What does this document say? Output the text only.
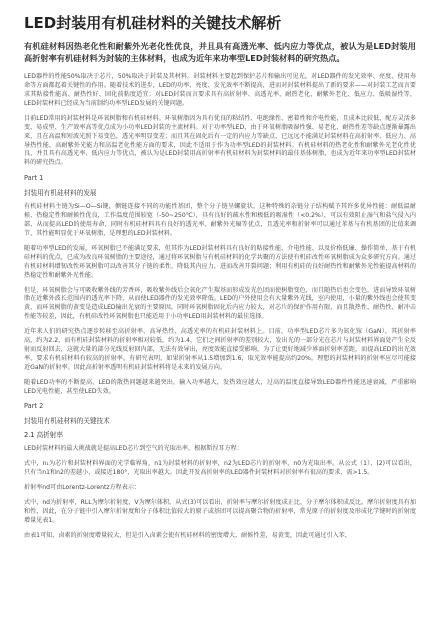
LED封装用有机硅材料的关键技术解析

有机硅材料因热老化性和耐紫外光老化性优良，并且具有高透光率、低内应力等优点，被认为是LED封装用高折射率有机硅材料为封装的主体材料，也成为近年来功率型LED封装材料的研究热点。

LED器件的性能50%取决于芯片，50%取决于封装及其材料。封装材料主要起到保护芯片和输出可见光，对LED器件的发光效率、亮度、使用寿命等方面都起着关键性的作用。随着技术的进步，LED的功率、亮度、发光效率不断提高，进而对封装材料提出了新的要求——对封装工艺而言要求其粘接性能高、耐热性好、固化前粘度适宜；对LED封装而言要求具有高折射率、高透光率、耐热老化、耐紫外老化、低应力、低吸湿性等，LED封装材料已经成为当前制约功率型LED发展的关键问题。

目前LED常用的封装材料是环氧树脂和有机硅材料。环氧树脂因为具有优良的粘结性、电绝缘性、密着性和介电性能，且成本比较低、配方灵活多变、易成型、生产效率高等优点成为小功率LED封装的主流材料。对于功率型LED，由于环氧树脂吸湿性强、易老化、耐热性差等缺点逐渐暴露出来，且在高温和短波光照下易变色，透光率明显变差；而且其在固化后有一定的内应力等缺点，已远远不能满足封装材料在高折射率、低应力、高导热性能、高耐紫外光能力和高温老化性能方面的要求，因此不适用于作为功率型LED的封装材料。有机硅材料的热老化性和耐紫外光老化性优良，并且具有高透光率、低内应力等优点，被认为是LED封装用高折射率有机硅材料为封装材料的最佳基体树脂，也成为近年来功率型LED封装材料的研究热点。

Part 1
封装用有机硅材料的发展

有机硅材料主链为Si—O—Si键，侧链连接不同的功能性基团，整个分子链呈螺旋状，这种特殊的杂链分子结构赋予其许多优异性能：耐低温耐候、热稳定性和耐候性优良，工作温度范围较宽（-50~250℃），具有良好的疏水性和极低的吸湿性（<0.2%），可以有效阻止湿气和盐气侵入内部，从而提高LED的使用寿命，同时有机硅材料具有良好的透光率、耐紫外光辐等优点，且透光率和折射率可以通过苯基与有机基团的比值来调节，其性能明显优于环氧树脂，是理想的LED封装材料。

随着功率型LED的发展，环氧树脂已不能满足要求，但其作为LED封装材料具有良好的粘接性能、介电性能、以及价格低廉、操作简单，基于有机硅材料的优点，已成为改良环氧树脂的主要途径，通过将环氧树脂与有机硅材料的化学共聚的方法使有机硅改性环氧树脂成为众多研究方向。通过有机硅材料增韧改性环氧树脂可以改善其分子链的柔性，降低其内应力，进而改善开裂问题；利用有机硅的良好耐热性和耐紫外光性能提高材料的热稳定性和耐紫外光性能。

但是，环氧树脂会与可吸收紫外线的芳香环，吸收紫外线后会氧化产生羰基而形成发光色团而使树脂变色，而且随热后也会变色，进而导致环氧树脂在近紫外波长范围内的透光率下降，从而使LED器件的发光效率降低。LED的户外使用会有大量紫外光线，室内使用，小量的紫外线也会使其变黄，而环氧树脂的黄变是造成LED输出光衰的主要原因，同时环氧树脂固化后内应力较大，对芯片的保护作用有限，而且散热性、耐热性、耐冲击性能等较差，因此，有机硅改性环氧树脂也只能适用于小功率LED用封装材料的最佳选择。

近年来人们的研究热点逐步转移至高折射率、高导热性、高透光率的有机硅封装材料上。目前，功率型LED芯片多为氮化镓（GaN），其折射率高，约为2.2，而有机硅封装材料的折射率相对较低，约为1.4，它们之间折射率的差别较大，发出光的一部分光在芯片与封装材料界面处产生全反射而反射回去，这就大量的部分光线反射回内部，无法有效导出，亮度效能直接受影响，为了让更好地减少界面折射率差距，而提高LED的出光效率，要求有机硅材料有较高的折射率。有研究表明，如果折射率从1.5增加到1.6，取光效率能提高约20%。理想的封装材料的折射率应尽可能接近GaN的折射率。因此高折射率透明有机硅封装材料将是未来的发展方向。

随着LED功率的不断提高，LED的散热问题越来越突出，输入功率越大，发热效应越大，过高的温度直接导致LED器件性能迅速衰减，严重影响LED光电性能，甚至使LED失效。

Part 2
封装用有机硅材料的关键技术
2.1 高折射率

LED封装材料的最大挑战就是提高LED芯片到空气的光取出率，根据斯涅耳方程：

式中，n₁为芯片和封装材料界面的光学临界角，n1为封装材料的折射率，n2为LED芯片的折射率，n0为光取出率。从公式（1）、(2)可以看出，只有当n1和n2的差越小，或接近180°，光取出率越大。因此开发高折射率的LED器件封装材料对折射率有很高的要求，需>1.5。

折射率nd可由Lorentz-Lorentz方程表示：

式中，nd为折射率，RLL为摩尔折射度，V为摩尔体积。从式(3)可以看出，折射率与摩尔折射度成正比，分子摩尔体积成反比。摩尔折射度具有加和性，因此，在分子链中引入摩尔折射度和分子体积比值较大的原子或基团可以提高聚合物的折射率，常见原子的折射度及形成化学键时的折射度增量见表1。

由表1可知，卤素的折射度增量较大，但是引入卤素会使有机硅材料的密度增大，耐候性差，易黄变，因此可通过引入苯、
